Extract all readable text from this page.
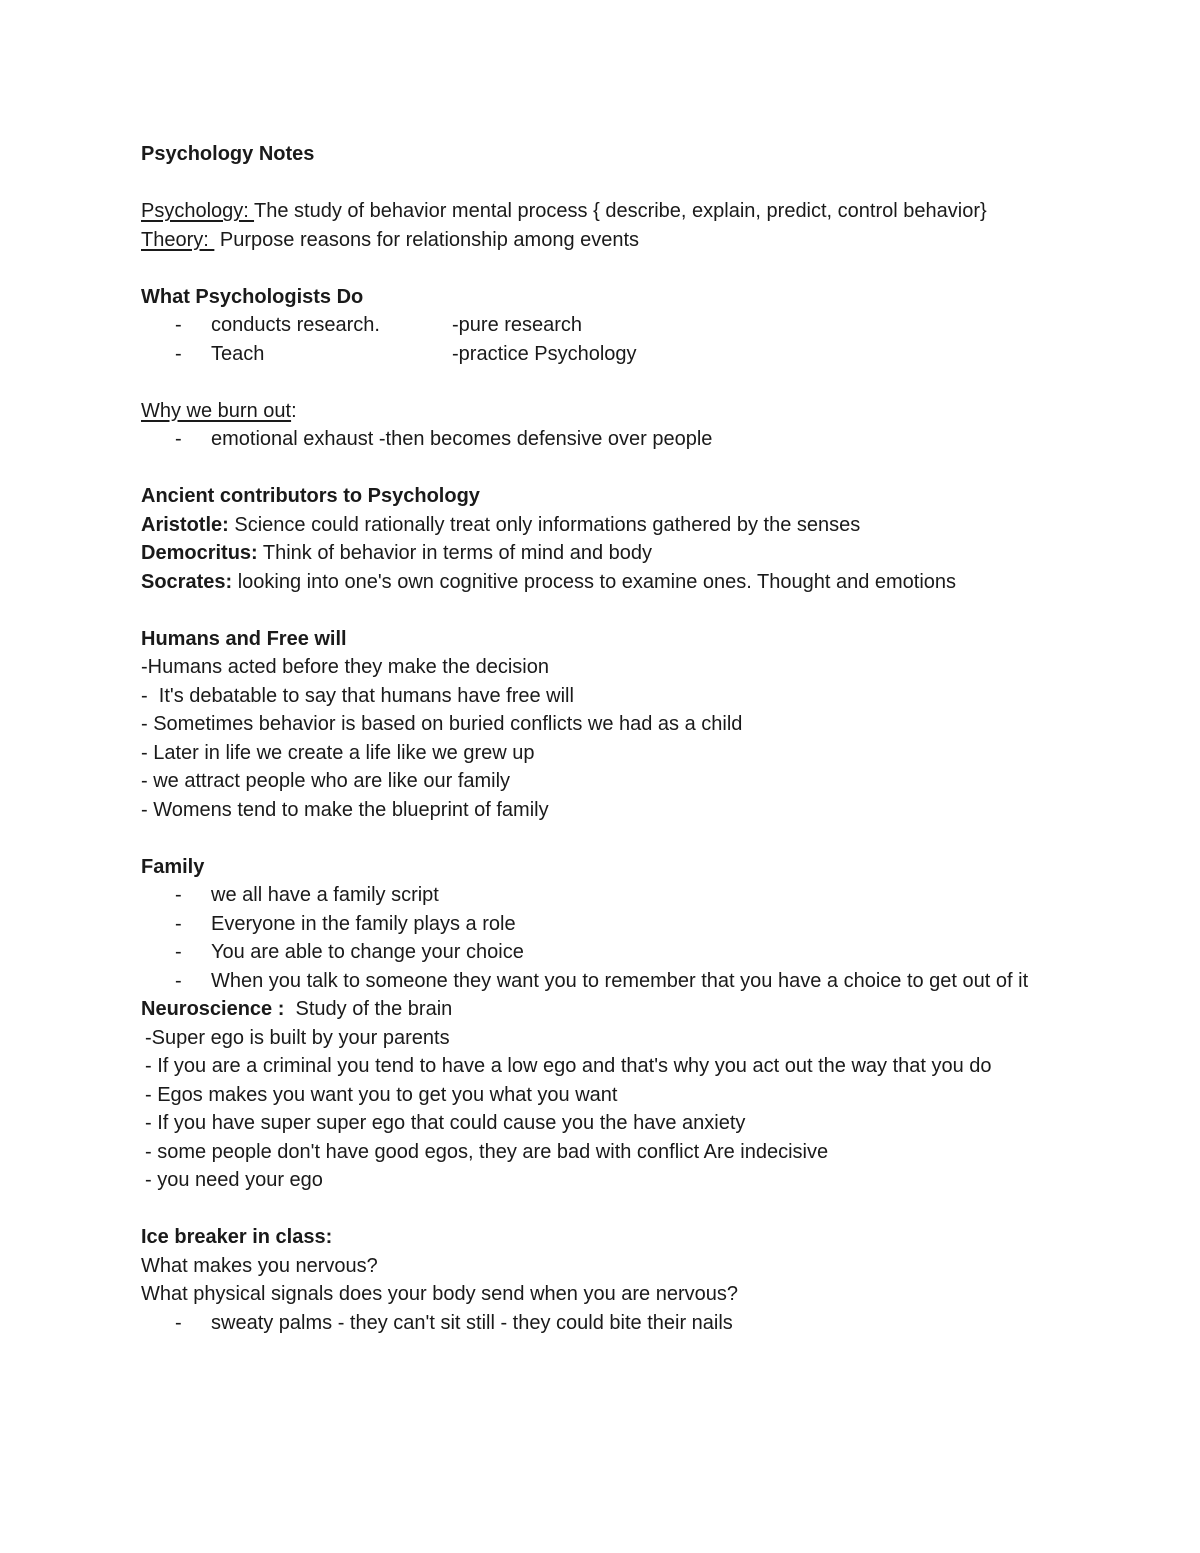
Psychology Notes
Psychology: The study of behavior mental process { describe, explain, predict, control behavior}
Theory:  Purpose reasons for relationship among events
What Psychologists Do
- conducts research.	-pure research
- Teach	-practice Psychology
Why we burn out:
- emotional exhaust -then becomes defensive over people
Ancient contributors to Psychology
Aristotle: Science could rationally treat only informations gathered by the senses
Democritus: Think of behavior in terms of mind and body
Socrates: looking into one's own cognitive process to examine ones. Thought and emotions
Humans and Free will
-Humans acted before they make the decision
-  It's debatable to say that humans have free will
- Sometimes behavior is based on buried conflicts we had as a child
- Later in life we create a life like we grew up
- we attract people who are like our family
- Womens tend to make the blueprint of family
Family
- we all have a family script
- Everyone in the family plays a role
- You are able to change your choice
- When you talk to someone they want you to remember that you have a choice to get out of it
Neuroscience :  Study of the brain
-Super ego is built by your parents
- If you are a criminal you tend to have a low ego and that's why you act out the way that you do
- Egos makes you want you to get you what you want
- If you have super super ego that could cause you the have anxiety
- some people don't have good egos, they are bad with conflict Are indecisive
- you need your ego
Ice breaker in class:
What makes you nervous?
What physical signals does your body send when you are nervous?
- sweaty palms - they can't sit still - they could bite their nails
